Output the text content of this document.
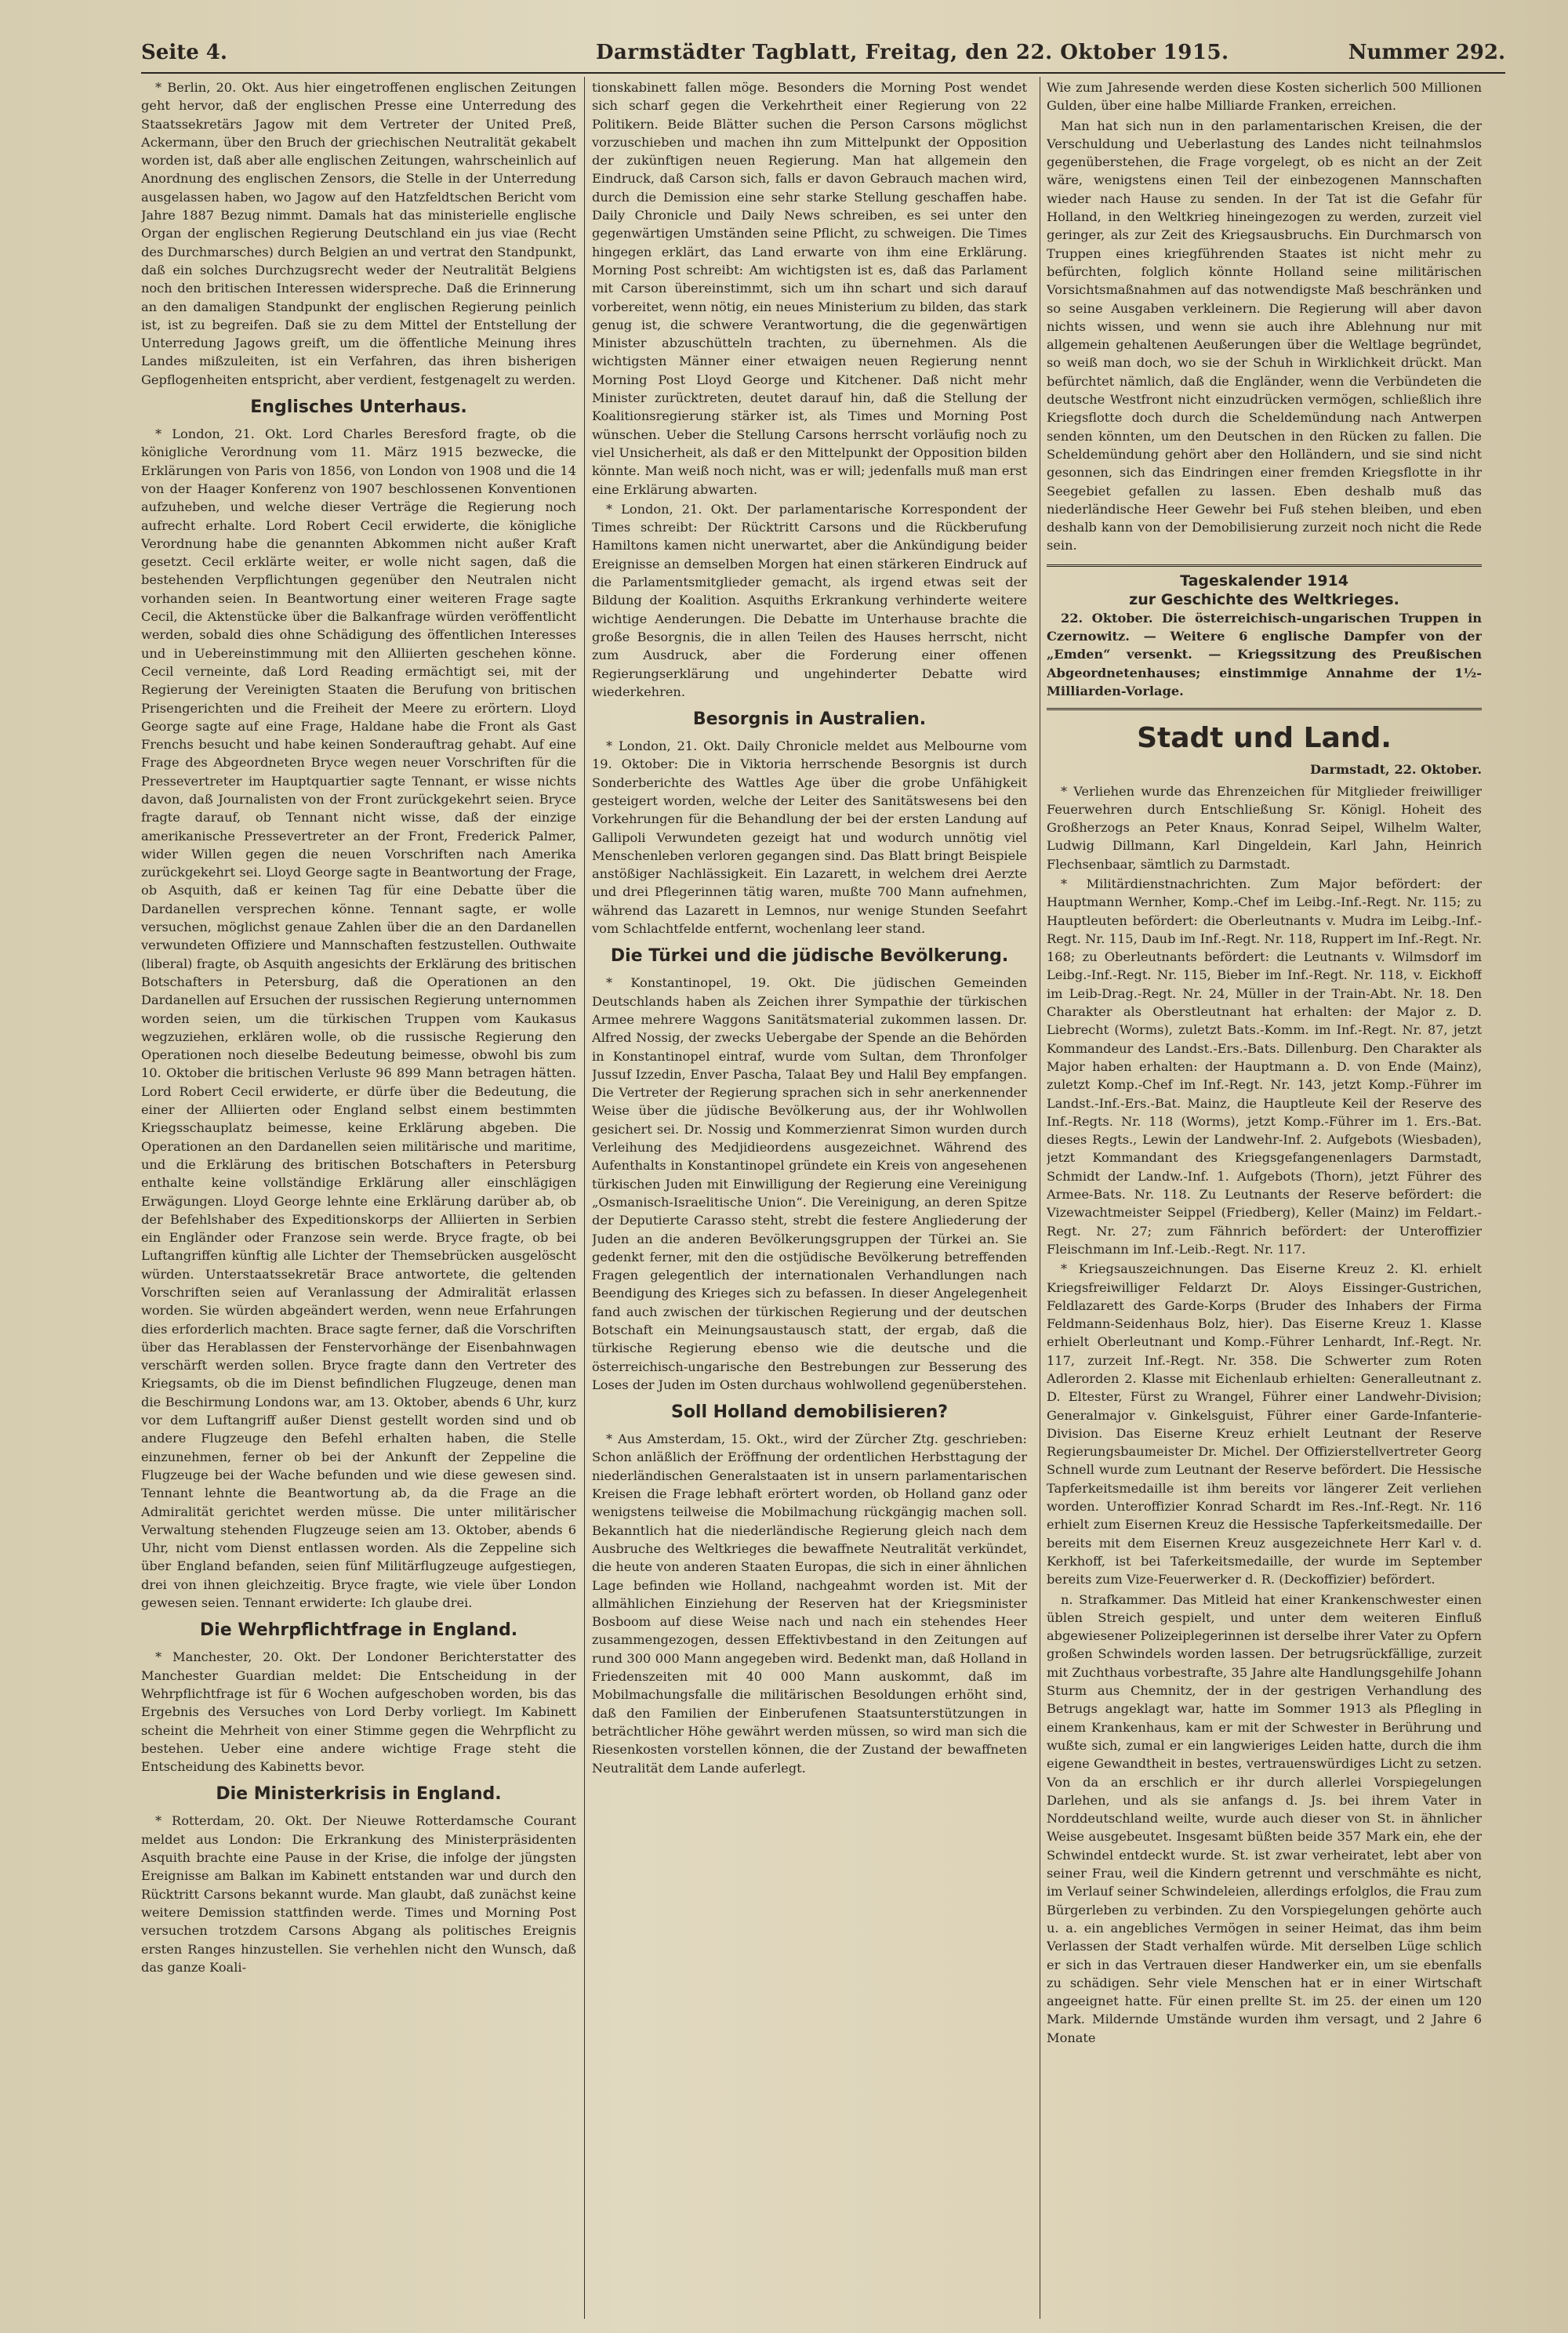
Seite 4.	Darmstädter Tagblatt, Freitag, den 22. Oktober 1915.	Nummer 292.

* Berlin, 20. Okt. Aus hier eingetroffenen englischen Zeitungen geht hervor, daß der englischen Presse eine Unterredung des Staatssekretärs Jagow mit dem Vertreter der United Preß, Ackermann, über den Bruch der griechischen Neutralität gekabelt worden ist, daß aber alle englischen Zeitungen, wahrscheinlich auf Anordnung des englischen Zensors, die Stelle in der Unterredung ausgelassen haben, wo Jagow auf den Hatzfeldtschen Bericht vom Jahre 1887 Bezug nimmt. Damals hat das ministerielle englische Organ der englischen Regierung Deutschland ein jus viae (Recht des Durchmarsches) durch Belgien an und vertrat den Standpunkt, daß ein solches Durchzugsrecht weder der Neutralität Belgiens noch den britischen Interessen widerspreche. Daß die Erinnerung an den damaligen Standpunkt der englischen Regierung peinlich ist, ist zu begreifen. Daß sie zu dem Mittel der Entstellung der Unterredung Jagows greift, um die öffentliche Meinung ihres Landes mißzuleiten, ist ein Verfahren, das ihren bisherigen Gepflogenheiten entspricht, aber verdient, festgenagelt zu werden.

Englisches Unterhaus.

* London, 21. Okt. Lord Charles Beresford fragte, ob die königliche Verordnung vom 11. März 1915 bezwecke, die Erklärungen von Paris von 1856, von London von 1908 und die 14 von der Haager Konferenz von 1907 beschlossenen Konventionen aufzuheben, und welche dieser Verträge die Regierung noch aufrecht erhalte. Lord Robert Cecil erwiderte, die königliche Verordnung habe die genannten Abkommen nicht außer Kraft gesetzt. Cecil erklärte weiter, er wolle nicht sagen, daß die bestehenden Verpflichtungen gegenüber den Neutralen nicht vorhanden seien. In Beantwortung einer weiteren Frage sagte Cecil, die Aktenstücke über die Balkanfrage würden veröffentlicht werden, sobald dies ohne Schädigung des öffentlichen Interesses und in Uebereinstimmung mit den Alliierten geschehen könne. Cecil verneinte, daß Lord Reading ermächtigt sei, mit der Regierung der Vereinigten Staaten die Berufung von britischen Prisengerichten und die Freiheit der Meere zu erörtern. Lloyd George sagte auf eine Frage, Haldane habe die Front als Gast Frenchs besucht und habe keinen Sonderauftrag gehabt. Auf eine Frage des Abgeordneten Bryce wegen neuer Vorschriften für die Pressevertreter im Hauptquartier sagte Tennant, er wisse nichts davon, daß Journalisten von der Front zurückgekehrt seien. Bryce fragte darauf, ob Tennant nicht wisse, daß der einzige amerikanische Pressevertreter an der Front, Frederick Palmer, wider Willen gegen die neuen Vorschriften nach Amerika zurückgekehrt sei. Lloyd George sagte in Beantwortung der Frage, ob Asquith, daß er keinen Tag für eine Debatte über die Dardanellen versprechen könne. Tennant sagte, er wolle versuchen, möglichst genaue Zahlen über die an den Dardanellen verwundeten Offiziere und Mannschaften festzustellen. Outhwaite (liberal) fragte, ob Asquith angesichts der Erklärung des britischen Botschafters in Petersburg, daß die Operationen an den Dardanellen auf Ersuchen der russischen Regierung unternommen worden seien, um die türkischen Truppen vom Kaukasus wegzuziehen, erklären wolle, ob die russische Regierung den Operationen noch dieselbe Bedeutung beimesse, obwohl bis zum 10. Oktober die britischen Verluste 96 899 Mann betragen hätten. Lord Robert Cecil erwiderte, er dürfe über die Bedeutung, die einer der Alliierten oder England selbst einem bestimmten Kriegsschauplatz beimesse, keine Erklärung abgeben. Die Operationen an den Dardanellen seien militärische und maritime, und die Erklärung des britischen Botschafters in Petersburg enthalte keine vollständige Erklärung aller einschlägigen Erwägungen. Lloyd George lehnte eine Erklärung darüber ab, ob der Befehlshaber des Expeditionskorps der Alliierten in Serbien ein Engländer oder Franzose sein werde. Bryce fragte, ob bei Luftangriffen künftig alle Lichter der Themsebrücken ausgelöscht würden. Unterstaatssekretär Brace antwortete, die geltenden Vorschriften seien auf Veranlassung der Admiralität erlassen worden. Sie würden abgeändert werden, wenn neue Erfahrungen dies erforderlich machten. Brace sagte ferner, daß die Vorschriften über das Herablassen der Fenstervorhänge der Eisenbahnwagen verschärft werden sollen. Bryce fragte dann den Vertreter des Kriegsamts, ob die im Dienst befindlichen Flugzeuge, denen man die Beschirmung Londons war, am 13. Oktober, abends 6 Uhr, kurz vor dem Luftangriff außer Dienst gestellt worden sind und ob andere Flugzeuge den Befehl erhalten haben, die Stelle einzunehmen, ferner ob bei der Ankunft der Zeppeline die Flugzeuge bei der Wache befunden und wie diese gewesen sind. Tennant lehnte die Beantwortung ab, da die Frage an die Admiralität gerichtet werden müsse. Die unter militärischer Verwaltung stehenden Flugzeuge seien am 13. Oktober, abends 6 Uhr, nicht vom Dienst entlassen worden. Als die Zeppeline sich über England befanden, seien fünf Militärflugzeuge aufgestiegen, drei von ihnen gleichzeitig. Bryce fragte, wie viele über London gewesen seien. Tennant erwiderte: Ich glaube drei.

Die Wehrpflichtfrage in England.

* Manchester, 20. Okt. Der Londoner Berichterstatter des Manchester Guardian meldet: Die Entscheidung in der Wehrpflichtfrage ist für 6 Wochen aufgeschoben worden, bis das Ergebnis des Versuches von Lord Derby vorliegt. Im Kabinett scheint die Mehrheit von einer Stimme gegen die Wehrpflicht zu bestehen. Ueber eine andere wichtige Frage steht die Entscheidung des Kabinetts bevor.

Die Ministerkrisis in England.

* Rotterdam, 20. Okt. Der Nieuwe Rotterdamsche Courant meldet aus London: Die Erkrankung des Ministerpräsidenten Asquith brachte eine Pause in der Krise, die infolge der jüngsten Ereignisse am Balkan im Kabinett entstanden war und durch den Rücktritt Carsons bekannt wurde. Man glaubt, daß zunächst keine weitere Demission stattfinden werde. Times und Morning Post versuchen trotzdem Carsons Abgang als politisches Ereignis ersten Ranges hinzustellen. Sie verhehlen nicht den Wunsch, daß das ganze Koali-

tionskabinett fallen möge. Besonders die Morning Post wendet sich scharf gegen die Verkehrtheit einer Regierung von 22 Politikern. Beide Blätter suchen die Person Carsons möglichst vorzuschieben und machen ihn zum Mittelpunkt der Opposition der zukünftigen neuen Regierung. Man hat allgemein den Eindruck, daß Carson sich, falls er davon Gebrauch machen wird, durch die Demission eine sehr starke Stellung geschaffen habe. Daily Chronicle und Daily News schreiben, es sei unter den gegenwärtigen Umständen seine Pflicht, zu schweigen. Die Times hingegen erklärt, das Land erwarte von ihm eine Erklärung. Morning Post schreibt: Am wichtigsten ist es, daß das Parlament mit Carson übereinstimmt, sich um ihn schart und sich darauf vorbereitet, wenn nötig, ein neues Ministerium zu bilden, das stark genug ist, die schwere Verantwortung, die die gegenwärtigen Minister abzuschütteln trachten, zu übernehmen. Als die wichtigsten Männer einer etwaigen neuen Regierung nennt Morning Post Lloyd George und Kitchener. Daß nicht mehr Minister zurücktreten, deutet darauf hin, daß die Stellung der Koalitionsregierung stärker ist, als Times und Morning Post wünschen. Ueber die Stellung Carsons herrscht vorläufig noch zu viel Unsicherheit, als daß er den Mittelpunkt der Opposition bilden könnte. Man weiß noch nicht, was er will; jedenfalls muß man erst eine Erklärung abwarten.

* London, 21. Okt. Der parlamentarische Korrespondent der Times schreibt: Der Rücktritt Carsons und die Rückberufung Hamiltons kamen nicht unerwartet, aber die Ankündigung beider Ereignisse an demselben Morgen hat einen stärkeren Eindruck auf die Parlamentsmitglieder gemacht, als irgend etwas seit der Bildung der Koalition. Asquiths Erkrankung verhinderte weitere wichtige Aenderungen. Die Debatte im Unterhause brachte die große Besorgnis, die in allen Teilen des Hauses herrscht, nicht zum Ausdruck, aber die Forderung einer offenen Regierungserklärung und ungehinderter Debatte wird wiederkehren.

Besorgnis in Australien.

* London, 21. Okt. Daily Chronicle meldet aus Melbourne vom 19. Oktober: Die in Viktoria herrschende Besorgnis ist durch Sonderberichte des Wattles Age über die grobe Unfähigkeit gesteigert worden, welche der Leiter des Sanitätswesens bei den Vorkehrungen für die Behandlung der bei der ersten Landung auf Gallipoli Verwundeten gezeigt hat und wodurch unnötig viel Menschenleben verloren gegangen sind. Das Blatt bringt Beispiele anstößiger Nachlässigkeit. Ein Lazarett, in welchem drei Aerzte und drei Pflegerinnen tätig waren, mußte 700 Mann aufnehmen, während das Lazarett in Lemnos, nur wenige Stunden Seefahrt vom Schlachtfelde entfernt, wochenlang leer stand.

Die Türkei und die jüdische Bevölkerung.

* Konstantinopel, 19. Okt. Die jüdischen Gemeinden Deutschlands haben als Zeichen ihrer Sympathie der türkischen Armee mehrere Waggons Sanitätsmaterial zukommen lassen. Dr. Alfred Nossig, der zwecks Uebergabe der Spende an die Behörden in Konstantinopel eintraf, wurde vom Sultan, dem Thronfolger Jussuf Izzedin, Enver Pascha, Talaat Bey und Halil Bey empfangen. Die Vertreter der Regierung sprachen sich in sehr anerkennender Weise über die jüdische Bevölkerung aus, der ihr Wohlwollen gesichert sei. Dr. Nossig und Kommerzienrat Simon wurden durch Verleihung des Medjidieordens ausgezeichnet. Während des Aufenthalts in Konstantinopel gründete ein Kreis von angesehenen türkischen Juden mit Einwilligung der Regierung eine Vereinigung „Osmanisch-Israelitische Union“. Die Vereinigung, an deren Spitze der Deputierte Carasso steht, strebt die festere Angliederung der Juden an die anderen Bevölkerungsgruppen der Türkei an. Sie gedenkt ferner, mit den die ostjüdische Bevölkerung betreffenden Fragen gelegentlich der internationalen Verhandlungen nach Beendigung des Krieges sich zu befassen. In dieser Angelegenheit fand auch zwischen der türkischen Regierung und der deutschen Botschaft ein Meinungsaustausch statt, der ergab, daß die türkische Regierung ebenso wie die deutsche und die österreichisch-ungarische den Bestrebungen zur Besserung des Loses der Juden im Osten durchaus wohlwollend gegenüberstehen.

Soll Holland demobilisieren?

* Aus Amsterdam, 15. Okt., wird der Zürcher Ztg. geschrieben: Schon anläßlich der Eröffnung der ordentlichen Herbsttagung der niederländischen Generalstaaten ist in unsern parlamentarischen Kreisen die Frage lebhaft erörtert worden, ob Holland ganz oder wenigstens teilweise die Mobilmachung rückgängig machen soll. Bekanntlich hat die niederländische Regierung gleich nach dem Ausbruche des Weltkrieges die bewaffnete Neutralität verkündet, die heute von anderen Staaten Europas, die sich in einer ähnlichen Lage befinden wie Holland, nachgeahmt worden ist. Mit der allmählichen Einziehung der Reserven hat der Kriegsminister Bosboom auf diese Weise nach und nach ein stehendes Heer zusammengezogen, dessen Effektivbestand in den Zeitungen auf rund 300 000 Mann angegeben wird. Bedenkt man, daß Holland in Friedenszeiten mit 40 000 Mann auskommt, daß im Mobilmachungsfalle die militärischen Besoldungen erhöht sind, daß den Familien der Einberufenen Staatsunterstützungen in beträchtlicher Höhe gewährt werden müssen, so wird man sich die Riesenkosten vorstellen können, die der Zustand der bewaffneten Neutralität dem Lande auferlegt.

Wie zum Jahresende werden diese Kosten sicherlich 500 Millionen Gulden, über eine halbe Milliarde Franken, erreichen.

Man hat sich nun in den parlamentarischen Kreisen, die der Verschuldung und Ueberlastung des Landes nicht teilnahmslos gegenüberstehen, die Frage vorgelegt, ob es nicht an der Zeit wäre, wenigstens einen Teil der einbezogenen Mannschaften wieder nach Hause zu senden. In der Tat ist die Gefahr für Holland, in den Weltkrieg hineingezogen zu werden, zurzeit viel geringer, als zur Zeit des Kriegsausbruchs. Ein Durchmarsch von Truppen eines kriegführenden Staates ist nicht mehr zu befürchten, folglich könnte Holland seine militärischen Vorsichtsmaßnahmen auf das notwendigste Maß beschränken und so seine Ausgaben verkleinern. Die Regierung will aber davon nichts wissen, und wenn sie auch ihre Ablehnung nur mit allgemein gehaltenen Aeußerungen über die Weltlage begründet, so weiß man doch, wo sie der Schuh in Wirklichkeit drückt. Man befürchtet nämlich, daß die Engländer, wenn die Verbündeten die deutsche Westfront nicht einzudrücken vermögen, schließlich ihre Kriegsflotte doch durch die Scheldemündung nach Antwerpen senden könnten, um den Deutschen in den Rücken zu fallen. Die Scheldemündung gehört aber den Holländern, und sie sind nicht gesonnen, sich das Eindringen einer fremden Kriegsflotte in ihr Seegebiet gefallen zu lassen. Eben deshalb muß das niederländische Heer Gewehr bei Fuß stehen bleiben, und eben deshalb kann von der Demobilisierung zurzeit noch nicht die Rede sein.

Tageskalender 1914
zur Geschichte des Weltkrieges.

22. Oktober. Die österreichisch-ungarischen Truppen in Czernowitz. — Weitere 6 englische Dampfer von der „Emden“ versenkt. — Kriegssitzung des Preußischen Abgeordnetenhauses; einstimmige Annahme der 1½-Milliarden-Vorlage.

Stadt und Land.
Darmstadt, 22. Oktober.

* Verliehen wurde das Ehrenzeichen für Mitglieder freiwilliger Feuerwehren durch Entschließung Sr. Königl. Hoheit des Großherzogs an Peter Knaus, Konrad Seipel, Wilhelm Walter, Ludwig Dillmann, Karl Dingeldein, Karl Jahn, Heinrich Flechsenbaar, sämtlich zu Darmstadt.

* Militärdienstnachrichten. Zum Major befördert: der Hauptmann Wernher, Komp.-Chef im Leibg.-Inf.-Regt. Nr. 115; zu Hauptleuten befördert: die Oberleutnants v. Mudra im Leibg.-Inf.-Regt. Nr. 115, Daub im Inf.-Regt. Nr. 118, Ruppert im Inf.-Regt. Nr. 168; zu Oberleutnants befördert: die Leutnants v. Wilmsdorf im Leibg.-Inf.-Regt. Nr. 115, Bieber im Inf.-Regt. Nr. 118, v. Eickhoff im Leib-Drag.-Regt. Nr. 24, Müller in der Train-Abt. Nr. 18. Den Charakter als Oberstleutnant hat erhalten: der Major z. D. Liebrecht (Worms), zuletzt Bats.-Komm. im Inf.-Regt. Nr. 87, jetzt Kommandeur des Landst.-Ers.-Bats. Dillenburg. Den Charakter als Major haben erhalten: der Hauptmann a. D. von Ende (Mainz), zuletzt Komp.-Chef im Inf.-Regt. Nr. 143, jetzt Komp.-Führer im Landst.-Inf.-Ers.-Bat. Mainz, die Hauptleute Keil der Reserve des Inf.-Regts. Nr. 118 (Worms), jetzt Komp.-Führer im 1. Ers.-Bat. dieses Regts., Lewin der Landwehr-Inf. 2. Aufgebots (Wiesbaden), jetzt Kommandant des Kriegsgefangenenlagers Darmstadt, Schmidt der Landw.-Inf. 1. Aufgebots (Thorn), jetzt Führer des Armee-Bats. Nr. 118. Zu Leutnants der Reserve befördert: die Vizewachtmeister Seippel (Friedberg), Keller (Mainz) im Feldart.-Regt. Nr. 27; zum Fähnrich befördert: der Unteroffizier Fleischmann im Inf.-Leib.-Regt. Nr. 117.

* Kriegsauszeichnungen. Das Eiserne Kreuz 2. Kl. erhielt Kriegsfreiwilliger Feldarzt Dr. Aloys Eissinger-Gustrichen, Feldlazarett des Garde-Korps (Bruder des Inhabers der Firma Feldmann-Seidenhaus Bolz, hier). Das Eiserne Kreuz 1. Klasse erhielt Oberleutnant und Komp.-Führer Lenhardt, Inf.-Regt. Nr. 117, zurzeit Inf.-Regt. Nr. 358. Die Schwerter zum Roten Adlerorden 2. Klasse mit Eichenlaub erhielten: Generalleutnant z. D. Eltester, Fürst zu Wrangel, Führer einer Landwehr-Division; Generalmajor v. Ginkelsguist, Führer einer Garde-Infanterie-Division. Das Eiserne Kreuz erhielt Leutnant der Reserve Regierungsbaumeister Dr. Michel. Der Offizierstellvertreter Georg Schnell wurde zum Leutnant der Reserve befördert. Die Hessische Tapferkeitsmedaille ist ihm bereits vor längerer Zeit verliehen worden. Unteroffizier Konrad Schardt im Res.-Inf.-Regt. Nr. 116 erhielt zum Eisernen Kreuz die Hessische Tapferkeitsmedaille. Der bereits mit dem Eisernen Kreuz ausgezeichnete Herr Karl v. d. Kerkhoff, ist bei Taferkeitsmedaille, der wurde im September bereits zum Vize-Feuerwerker d. R. (Deckoffizier) befördert.

n. Strafkammer. Das Mitleid hat einer Krankenschwester einen üblen Streich gespielt, und unter dem weiteren Einfluß abgewiesener Polizeiplegerinnen ist derselbe ihrer Vater zu Opfern großen Schwindels worden lassen. Der betrugsrückfällige, zurzeit mit Zuchthaus vorbestrafte, 35 Jahre alte Handlungsgehilfe Johann Sturm aus Chemnitz, der in der gestrigen Verhandlung des Betrugs angeklagt war, hatte im Sommer 1913 als Pflegling in einem Krankenhaus, kam er mit der Schwester in Berührung und wußte sich, zumal er ein langwieriges Leiden hatte, durch die ihm eigene Gewandtheit in bestes, vertrauenswürdiges Licht zu setzen. Von da an erschlich er ihr durch allerlei Vorspiegelungen Darlehen, und als sie anfangs d. Js. bei ihrem Vater in Norddeutschland weilte, wurde auch dieser von St. in ähnlicher Weise ausgebeutet. Insgesamt büßten beide 357 Mark ein, ehe der Schwindel entdeckt wurde. St. ist zwar verheiratet, lebt aber von seiner Frau, weil die Kindern getrennt und verschmähte es nicht, im Verlauf seiner Schwindeleien, allerdings erfolglos, die Frau zum Bürgerleben zu verbinden. Zu den Vorspiegelungen gehörte auch u. a. ein angebliches Vermögen in seiner Heimat, das ihm beim Verlassen der Stadt verhalfen würde. Mit derselben Lüge schlich er sich in das Vertrauen dieser Handwerker ein, um sie ebenfalls zu schädigen. Sehr viele Menschen hat er in einer Wirtschaft angeeignet hatte. Für einen prellte St. im 25. der einen um 120 Mark. Mildernde Umstände wurden ihm versagt, und 2 Jahre 6 Monate
